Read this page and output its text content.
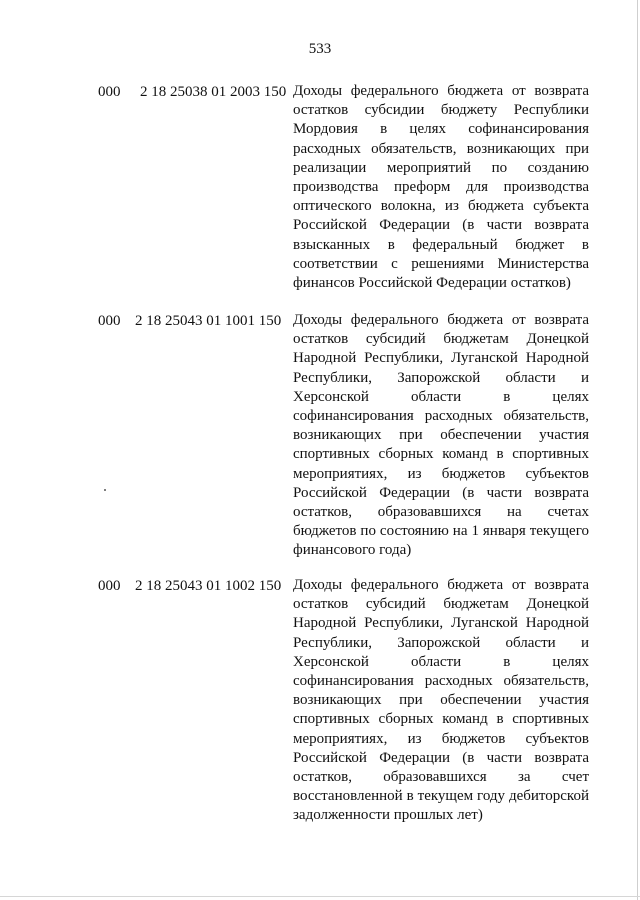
533
000 2 18 25038 01 2003 150 Доходы федерального бюджета от возврата остатков субсидии бюджету Республики Мордовия в целях софинансирования расходных обязательств, возникающих при реализации мероприятий по созданию производства преформ для производства оптического волокна, из бюджета субъекта Российской Федерации (в части возврата взысканных в федеральный бюджет в соответствии с решениями Министерства финансов Российской Федерации остатков)
000 2 18 25043 01 1001 150 Доходы федерального бюджета от возврата остатков субсидий бюджетам Донецкой Народной Республики, Луганской Народной Республики, Запорожской области и Херсонской области в целях софинансирования расходных обязательств, возникающих при обеспечении участия спортивных сборных команд в спортивных мероприятиях, из бюджетов субъектов Российской Федерации (в части возврата остатков, образовавшихся на счетах бюджетов по состоянию на 1 января текущего финансового года)
000 2 18 25043 01 1002 150 Доходы федерального бюджета от возврата остатков субсидий бюджетам Донецкой Народной Республики, Луганской Народной Республики, Запорожской области и Херсонской области в целях софинансирования расходных обязательств, возникающих при обеспечении участия спортивных сборных команд в спортивных мероприятиях, из бюджетов субъектов Российской Федерации (в части возврата остатков, образовавшихся за счет восстановленной в текущем году дебиторской задолженности прошлых лет)
